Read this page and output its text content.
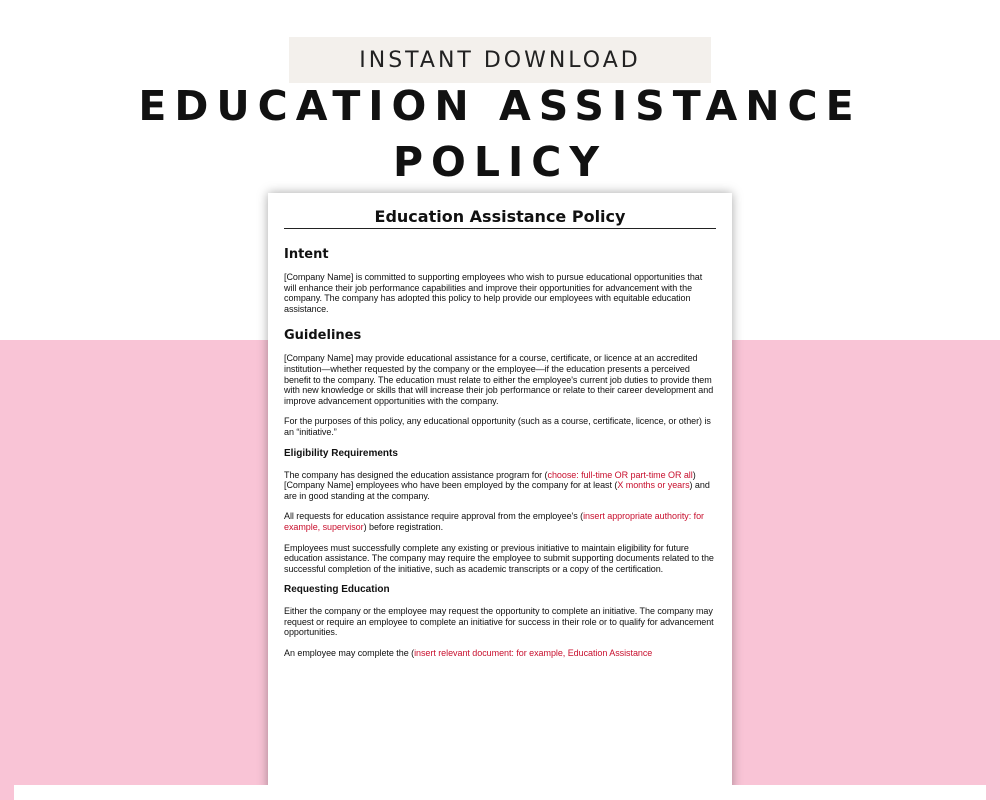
INSTANT DOWNLOAD
EDUCATION ASSISTANCE
POLICY
Education Assistance Policy
Intent
[Company Name] is committed to supporting employees who wish to pursue educational opportunities that will enhance their job performance capabilities and improve their opportunities for advancement with the company. The company has adopted this policy to help provide our employees with equitable education assistance.
Guidelines
[Company Name] may provide educational assistance for a course, certificate, or licence at an accredited institution—whether requested by the company or the employee—if the education presents a perceived benefit to the company. The education must relate to either the employee's current job duties to provide them with new knowledge or skills that will increase their job performance or relate to their career development and improve advancement opportunities with the company.
For the purposes of this policy, any educational opportunity (such as a course, certificate, licence, or other) is an “initiative.”
Eligibility Requirements
The company has designed the education assistance program for (choose: full-time OR part-time OR all) [Company Name] employees who have been employed by the company for at least (X months or years) and are in good standing at the company.
All requests for education assistance require approval from the employee's (insert appropriate authority: for example, supervisor) before registration.
Employees must successfully complete any existing or previous initiative to maintain eligibility for future education assistance. The company may require the employee to submit supporting documents related to the successful completion of the initiative, such as academic transcripts or a copy of the certification.
Requesting Education
Either the company or the employee may request the opportunity to complete an initiative. The company may request or require an employee to complete an initiative for success in their role or to qualify for advancement opportunities.
An employee may complete the (insert relevant document: for example, Education Assistance
